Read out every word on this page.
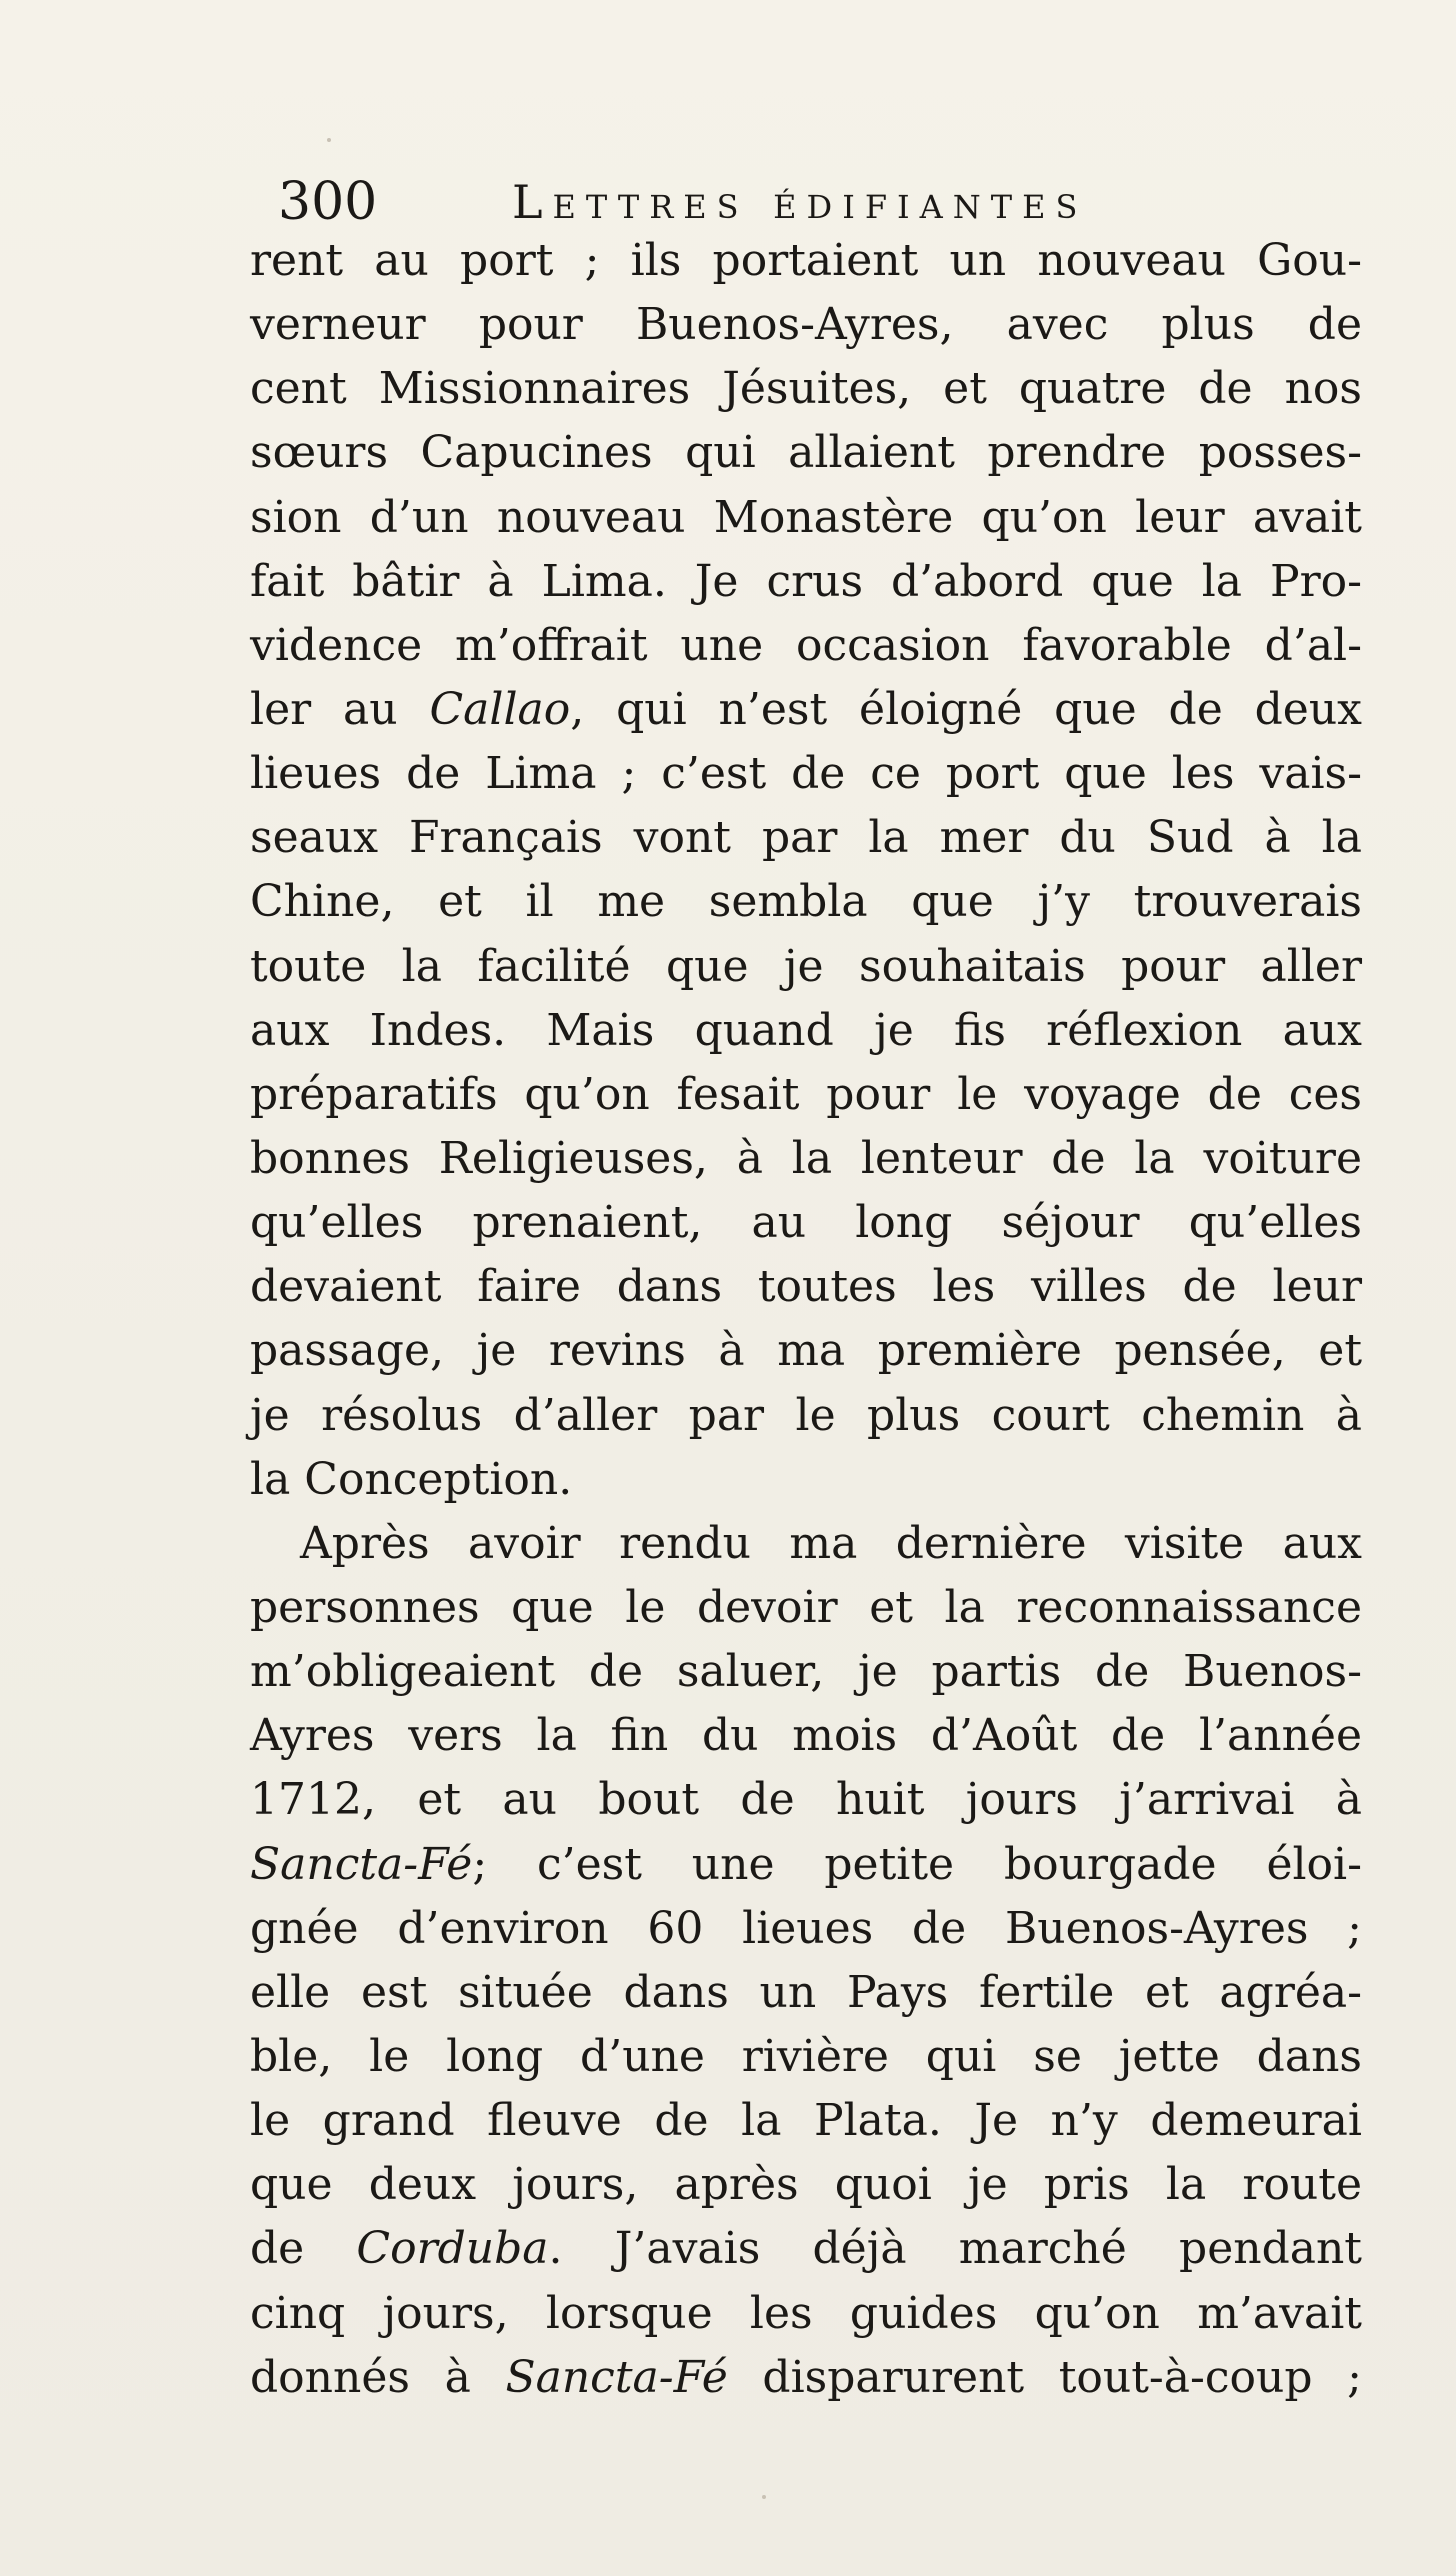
300	Lettres édifiantes
rent au port ; ils portaient un nouveau Gou-
verneur pour Buenos-Ayres, avec plus de
cent Missionnaires Jésuites, et quatre de nos
sœurs Capucines qui allaient prendre posses-
sion d’un nouveau Monastère qu’on leur avait
fait bâtir à Lima. Je crus d’abord que la Pro-
vidence m’offrait une occasion favorable d’al-
ler au Callao, qui n’est éloigné que de deux
lieues de Lima ; c’est de ce port que les vais-
seaux Français vont par la mer du Sud à la
Chine, et il me sembla que j’y trouverais
toute la facilité que je souhaitais pour aller
aux Indes. Mais quand je fis réflexion aux
préparatifs qu’on fesait pour le voyage de ces
bonnes Religieuses, à la lenteur de la voiture
qu’elles prenaient, au long séjour qu’elles
devaient faire dans toutes les villes de leur
passage, je revins à ma première pensée, et
je résolus d’aller par le plus court chemin à
la Conception.
Après avoir rendu ma dernière visite aux
personnes que le devoir et la reconnaissance
m’obligeaient de saluer, je partis de Buenos-
Ayres vers la fin du mois d’Août de l’année
1712, et au bout de huit jours j’arrivai à
Sancta-Fé; c’est une petite bourgade éloi-
gnée d’environ 60 lieues de Buenos-Ayres ;
elle est située dans un Pays fertile et agréa-
ble, le long d’une rivière qui se jette dans
le grand fleuve de la Plata. Je n’y demeurai
que deux jours, après quoi je pris la route
de Corduba. J’avais déjà marché pendant
cinq jours, lorsque les guides qu’on m’avait
donnés à Sancta-Fé disparurent tout-à-coup ;
